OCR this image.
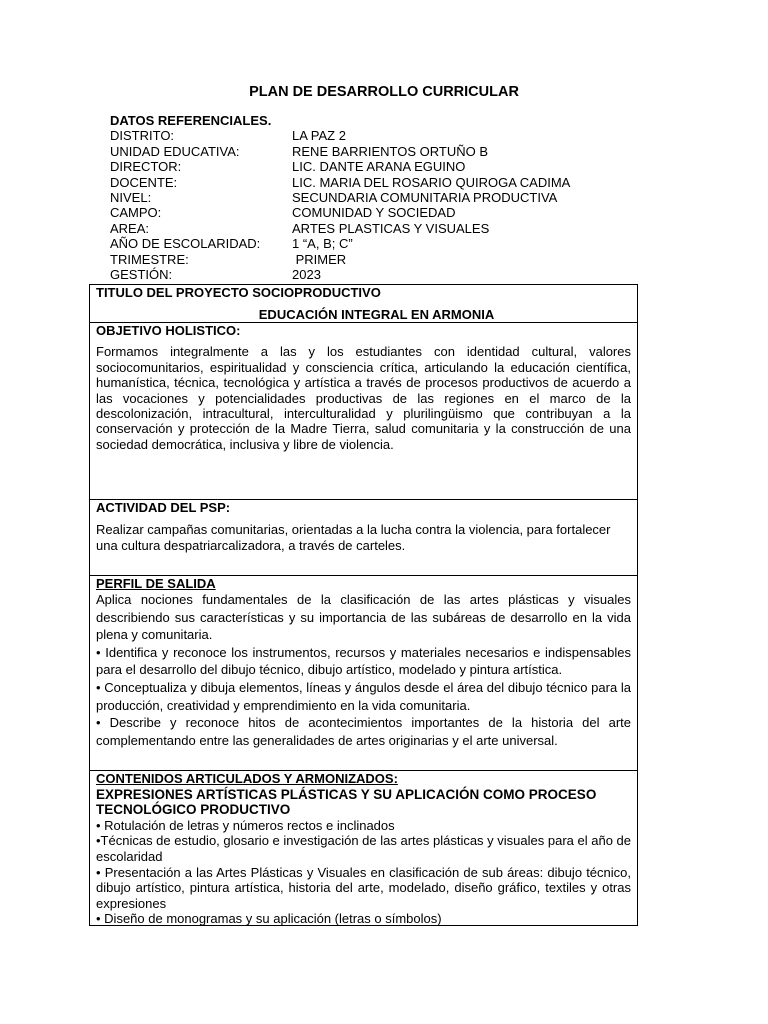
PLAN DE DESARROLLO CURRICULAR
DATOS REFERENCIALES.
DISTRITO:	LA PAZ 2
UNIDAD EDUCATIVA:	RENE BARRIENTOS ORTUÑO B
DIRECTOR:	LIC. DANTE ARANA EGUINO
DOCENTE:	LIC. MARIA DEL ROSARIO QUIROGA CADIMA
NIVEL:	SECUNDARIA COMUNITARIA PRODUCTIVA
CAMPO:	COMUNIDAD Y SOCIEDAD
AREA:	ARTES PLASTICAS Y VISUALES
AÑO DE ESCOLARIDAD:	1 “A, B; C”
TRIMESTRE:	PRIMER
GESTIÓN:	2023
TITULO DEL PROYECTO SOCIOPRODUCTIVO
EDUCACIÓN INTEGRAL EN ARMONIA
OBJETIVO HOLISTICO:

Formamos integralmente a las y los estudiantes con identidad cultural, valores sociocomunitarios, espiritualidad y consciencia crítica, articulando la educación científica, humanística, técnica, tecnológica y artística a través de procesos productivos de acuerdo a las vocaciones y potencialidades productivas de las regiones en el marco de la descolonización, intracultural, interculturalidad y plurilingüismo que contribuyan a la conservación y protección de la Madre Tierra, salud comunitaria y la construcción de una sociedad democrática, inclusiva y libre de violencia.

ACTIVIDAD DEL PSP:

Realizar campañas comunitarias, orientadas a la lucha contra la violencia, para fortalecer una cultura despatriarcalizadora, a través de carteles.

PERFIL DE SALIDA

Aplica nociones fundamentales de la clasificación de las artes plásticas y visuales describiendo sus características y su importancia de las subáreas de desarrollo en la vida plena y comunitaria.

• Identifica y reconoce los instrumentos, recursos y materiales necesarios e indispensables para el desarrollo del dibujo técnico, dibujo artístico, modelado y pintura artística.

• Conceptualiza y dibuja elementos, líneas y ángulos desde el área del dibujo técnico para la producción, creatividad y emprendimiento en la vida comunitaria.

• Describe y reconoce hitos de acontecimientos importantes de la historia del arte complementando entre las generalidades de artes originarias y el arte universal.

CONTENIDOS ARTICULADOS Y ARMONIZADOS:
EXPRESIONES ARTÍSTICAS PLÁSTICAS Y SU APLICACIÓN COMO PROCESO TECNOLÓGICO PRODUCTIVO

• Rotulación de letras y números rectos e inclinados

•Técnicas de estudio, glosario e investigación de las artes plásticas y visuales para el año de escolaridad

• Presentación a las Artes Plásticas y Visuales en clasificación de sub áreas: dibujo técnico, dibujo artístico, pintura artística, historia del arte, modelado, diseño gráfico, textiles y otras expresiones

• Diseño de monogramas y su aplicación (letras o símbolos)
